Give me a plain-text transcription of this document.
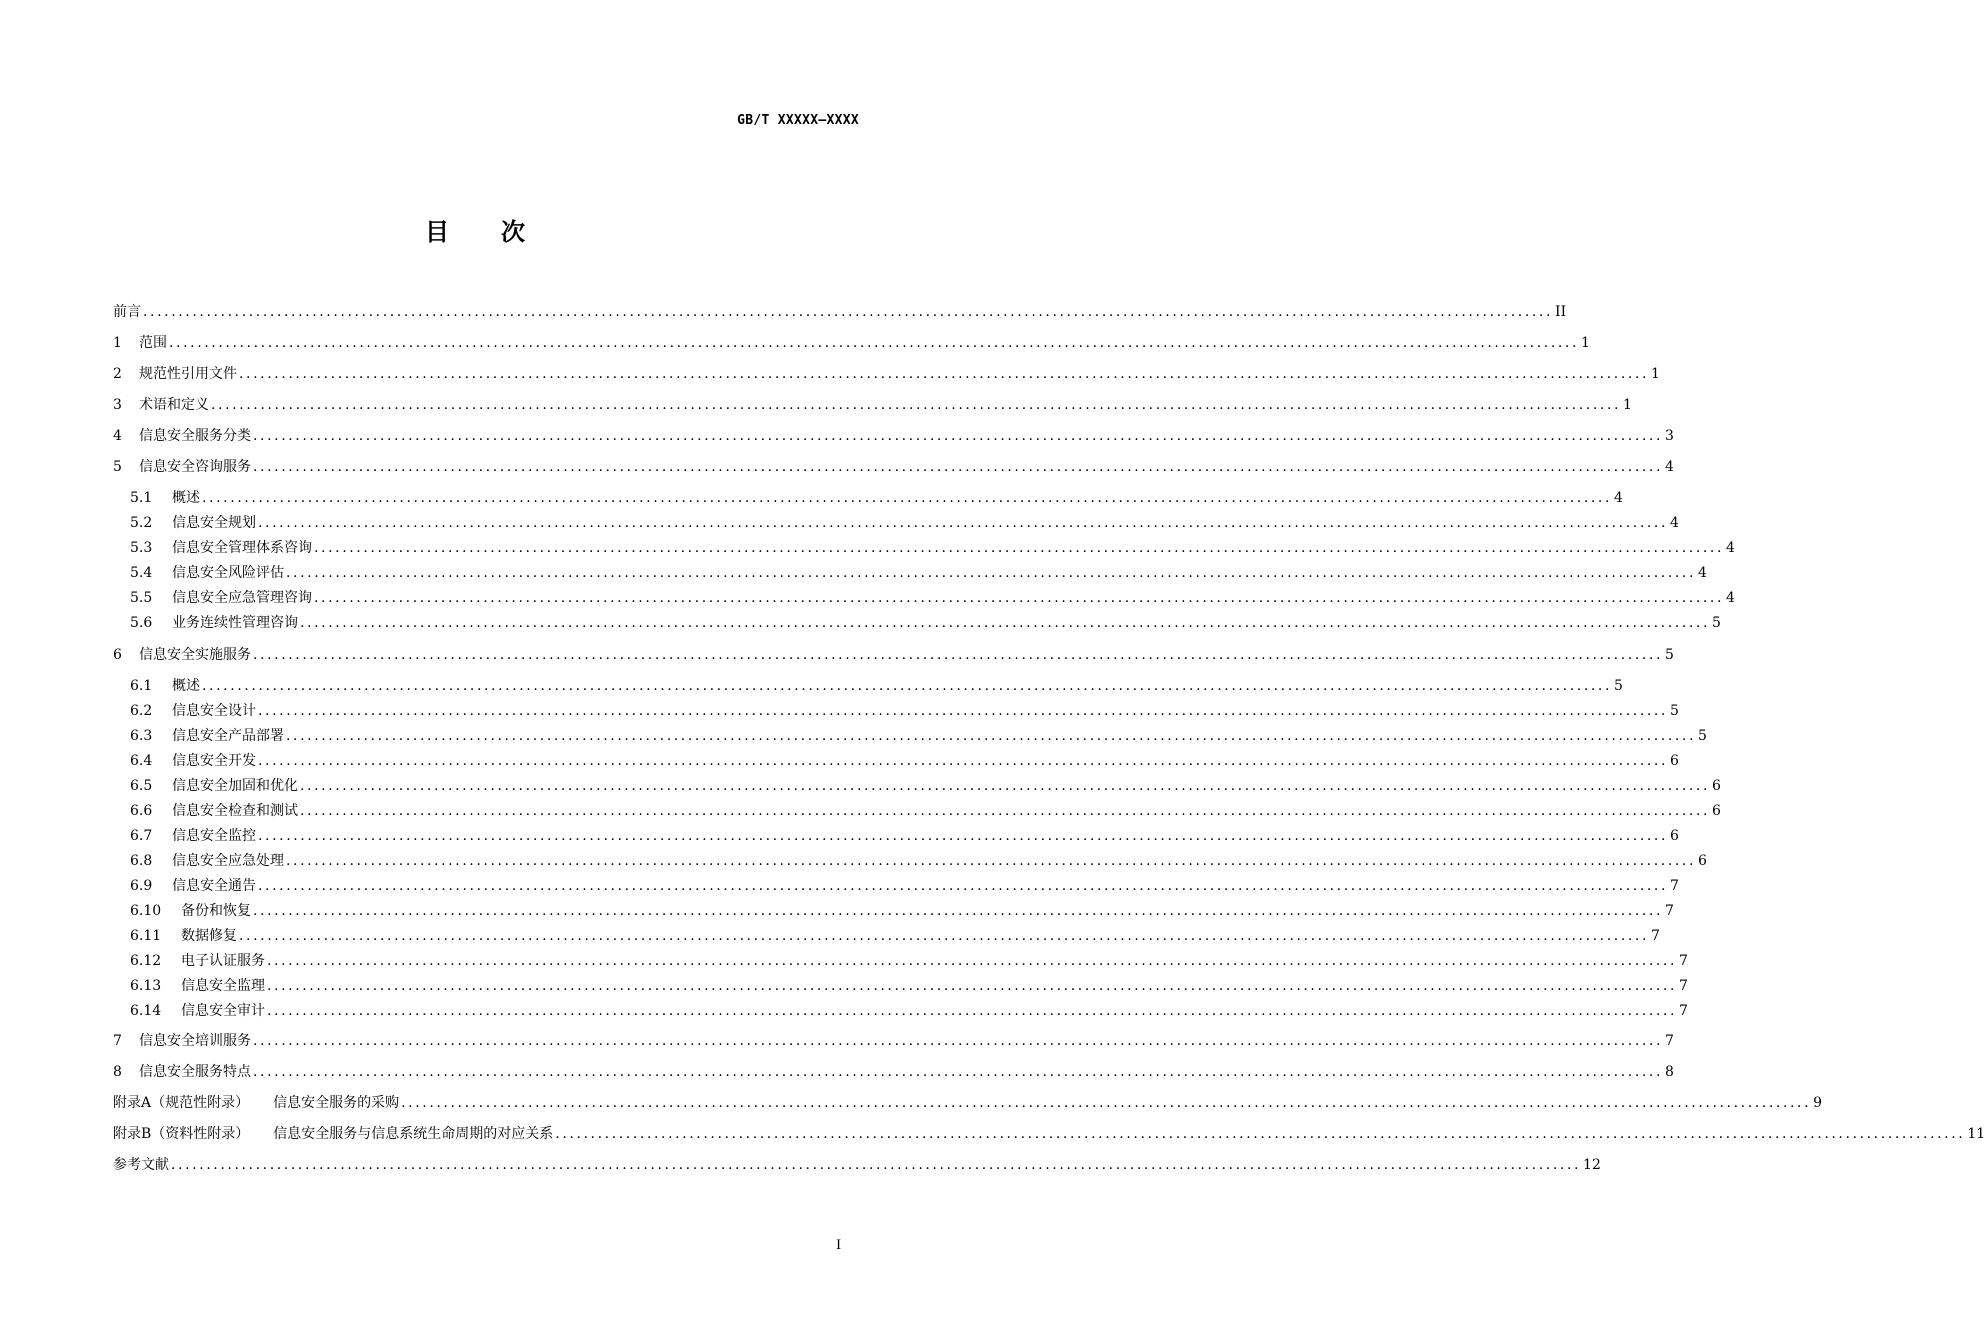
GB/T XXXXX—XXXX
目 次
前言 ........................................................................................................................................................................................................ II
1	范围 ........................................................................................................................................................................................................ 1
2	规范性引用文件 ........................................................................................................................................................................................................ 1
3	术语和定义 ........................................................................................................................................................................................................ 1
4	信息安全服务分类 ........................................................................................................................................................................................................ 3
5	信息安全咨询服务 ........................................................................................................................................................................................................ 4
5.1	概述 ........................................................................................................................................................................................................ 4
5.2	信息安全规划 ........................................................................................................................................................................................................ 4
5.3	信息安全管理体系咨询 ........................................................................................................................................................................................................ 4
5.4	信息安全风险评估 ........................................................................................................................................................................................................ 4
5.5	信息安全应急管理咨询 ........................................................................................................................................................................................................ 4
5.6	业务连续性管理咨询 ........................................................................................................................................................................................................ 5
6	信息安全实施服务 ........................................................................................................................................................................................................ 5
6.1	概述 ........................................................................................................................................................................................................ 5
6.2	信息安全设计 ........................................................................................................................................................................................................ 5
6.3	信息安全产品部署 ........................................................................................................................................................................................................ 5
6.4	信息安全开发 ........................................................................................................................................................................................................ 6
6.5	信息安全加固和优化 ........................................................................................................................................................................................................ 6
6.6	信息安全检查和测试 ........................................................................................................................................................................................................ 6
6.7	信息安全监控 ........................................................................................................................................................................................................ 6
6.8	信息安全应急处理 ........................................................................................................................................................................................................ 6
6.9	信息安全通告 ........................................................................................................................................................................................................ 7
6.10	备份和恢复 ........................................................................................................................................................................................................ 7
6.11	数据修复 ........................................................................................................................................................................................................ 7
6.12	电子认证服务 ........................................................................................................................................................................................................ 7
6.13	信息安全监理 ........................................................................................................................................................................................................ 7
6.14	信息安全审计 ........................................................................................................................................................................................................ 7
7	信息安全培训服务 ........................................................................................................................................................................................................ 7
8	信息安全服务特点 ........................................................................................................................................................................................................ 8
附录A（规范性附录） 信息安全服务的采购 ........................................................................................................................................................................................................ 9
附录B（资料性附录） 信息安全服务与信息系统生命周期的对应关系 ........................................................................................................................................................................................................ 11
参考文献 ........................................................................................................................................................................................................ 12
I
